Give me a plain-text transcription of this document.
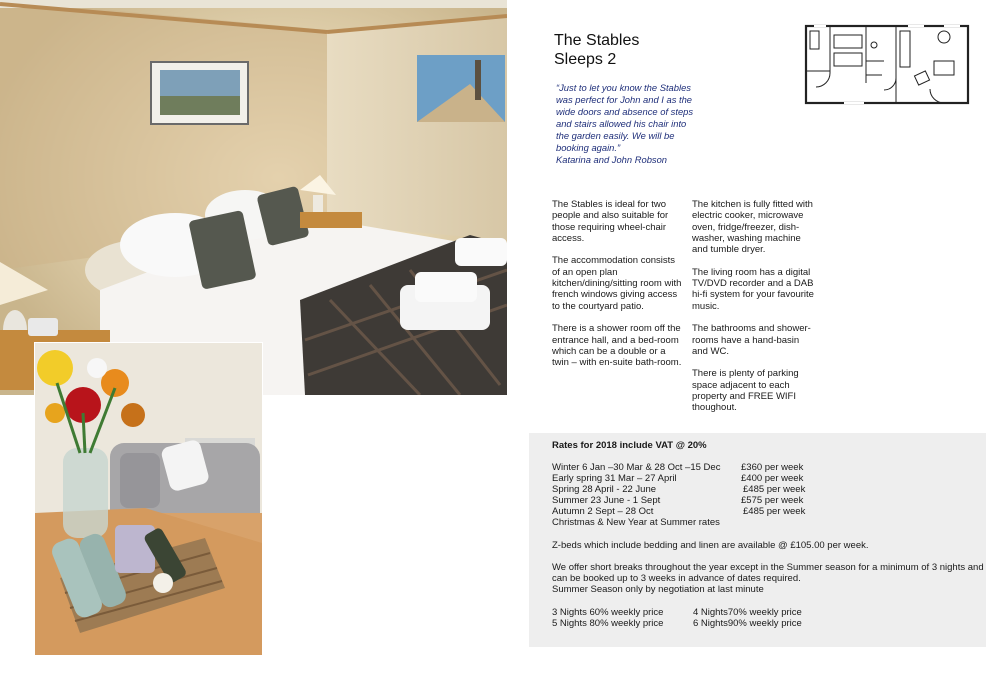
The Stables
Sleeps 2
“Just to let you know the Stables was perfect for John and I as the wide doors and absence of steps and stairs allowed his chair into the garden easily. We will be booking again.”
Katarina and John Robson

The Stables is ideal for two people and also suitable for those requiring wheel-chair access.

The accommodation consists of an open plan kitchen/dining/sitting room with french windows giving access to the courtyard patio.

There is a shower room off the entrance hall, and a bed-room which can be a double or a twin – with en-suite bath-room.

The kitchen is fully fitted with electric cooker, microwave oven, fridge/freezer, dish-washer, washing machine and tumble dryer.

The living room has a digital TV/DVD recorder and a DAB hi-fi system for your favourite music.

The bathrooms and shower-rooms have a hand-basin and WC.

There is plenty of parking space adjacent to each property and FREE WIFI thoughout.

Rates for 2018 include VAT @ 20%
Winter 6 Jan –30 Mar & 28 Oct –15 Dec £360 per week
Early spring 31 Mar – 27 April	£400 per week
Spring 28 April - 22 June	£485 per week
Summer 23 June - 1 Sept	£575 per week
Autumn 2 Sept – 28 Oct	£485 per week
Christmas & New Year at Summer rates
Z-beds which include bedding and linen are available @ £105.00 per week.
We offer short breaks throughout the year except in the Summer season for a minimum of 3 nights and
can be booked up to 3 weeks in advance of dates required.
Summer Season only by negotiation at last minute
3 Nights 60% weekly price	4 Nights70% weekly price
5 Nights 80% weekly price	6 Nights90% weekly price
